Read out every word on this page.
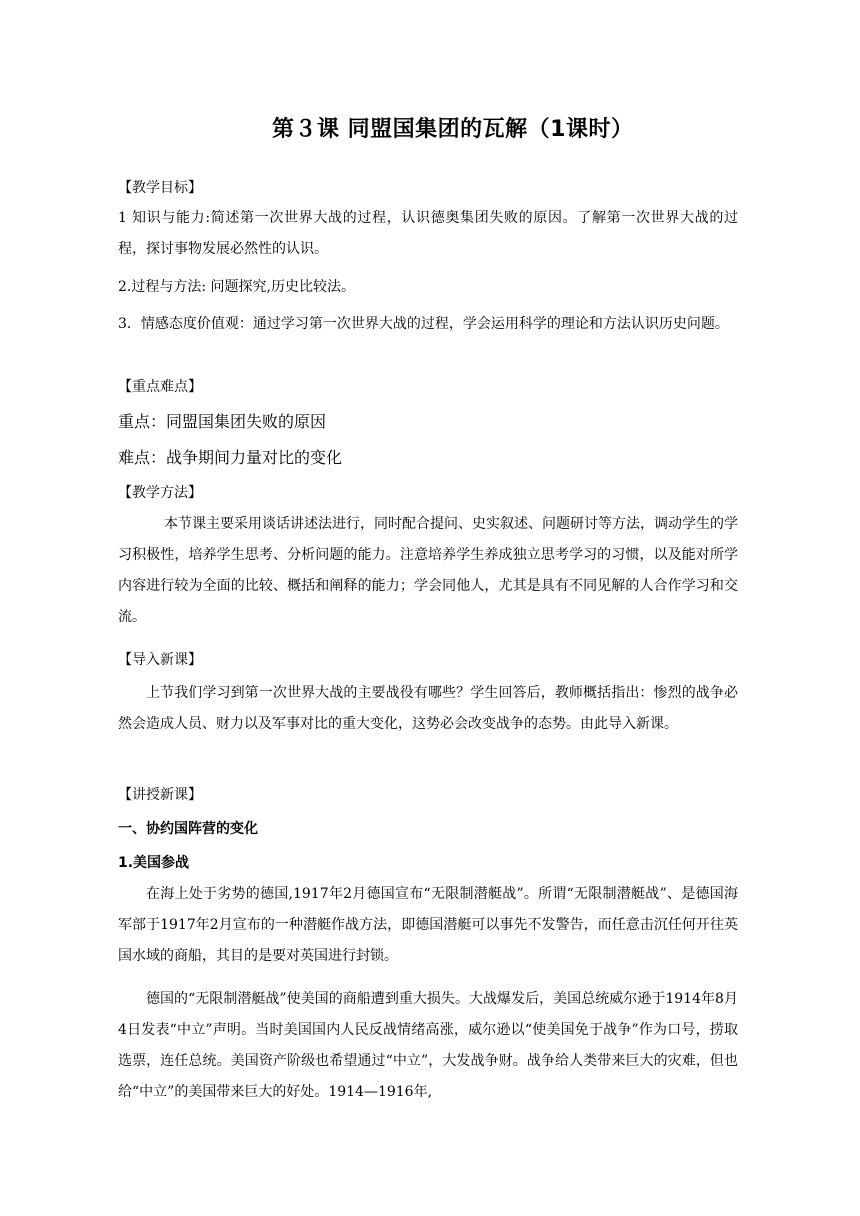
第３课 同盟国集团的瓦解（1课时）
【教学目标】
1 知识与能力:简述第一次世界大战的过程，认识德奥集团失败的原因。了解第一次世界大战的过程，探讨事物发展必然性的认识。
2.过程与方法: 问题探究,历史比较法。
3．情感态度价值观：通过学习第一次世界大战的过程，学会运用科学的理论和方法认识历史问题。
【重点难点】
重点：同盟国集团失败的原因
难点：战争期间力量对比的变化
【教学方法】
本节课主要采用谈话讲述法进行，同时配合提问、史实叙述、问题研讨等方法，调动学生的学习积极性，培养学生思考、分析问题的能力。注意培养学生养成独立思考学习的习惯，以及能对所学内容进行较为全面的比较、概括和阐释的能力；学会同他人，尤其是具有不同见解的人合作学习和交流。
【导入新课】
上节我们学习到第一次世界大战的主要战役有哪些？学生回答后，教师概括指出：惨烈的战争必然会造成人员、财力以及军事对比的重大变化，这势必会改变战争的态势。由此导入新课。
【讲授新课】
一、协约国阵营的变化
1.美国参战
在海上处于劣势的德国,1917年2月德国宣布“无限制潜艇战”。所谓“无限制潜艇战”、是德国海军部于1917年2月宣布的一种潜艇作战方法，即德国潜艇可以事先不发警告，而任意击沉任何开往英国水域的商船，其目的是要对英国进行封锁。
德国的“无限制潜艇战”使美国的商船遭到重大损失。大战爆发后，美国总统威尔逊于1914年8月4日发表“中立”声明。当时美国国内人民反战情绪高涨，威尔逊以“使美国免于战争”作为口号，捞取选票，连任总统。美国资产阶级也希望通过“中立”，大发战争财。战争给人类带来巨大的灾难，但也给“中立”的美国带来巨大的好处。1914—1916年,
